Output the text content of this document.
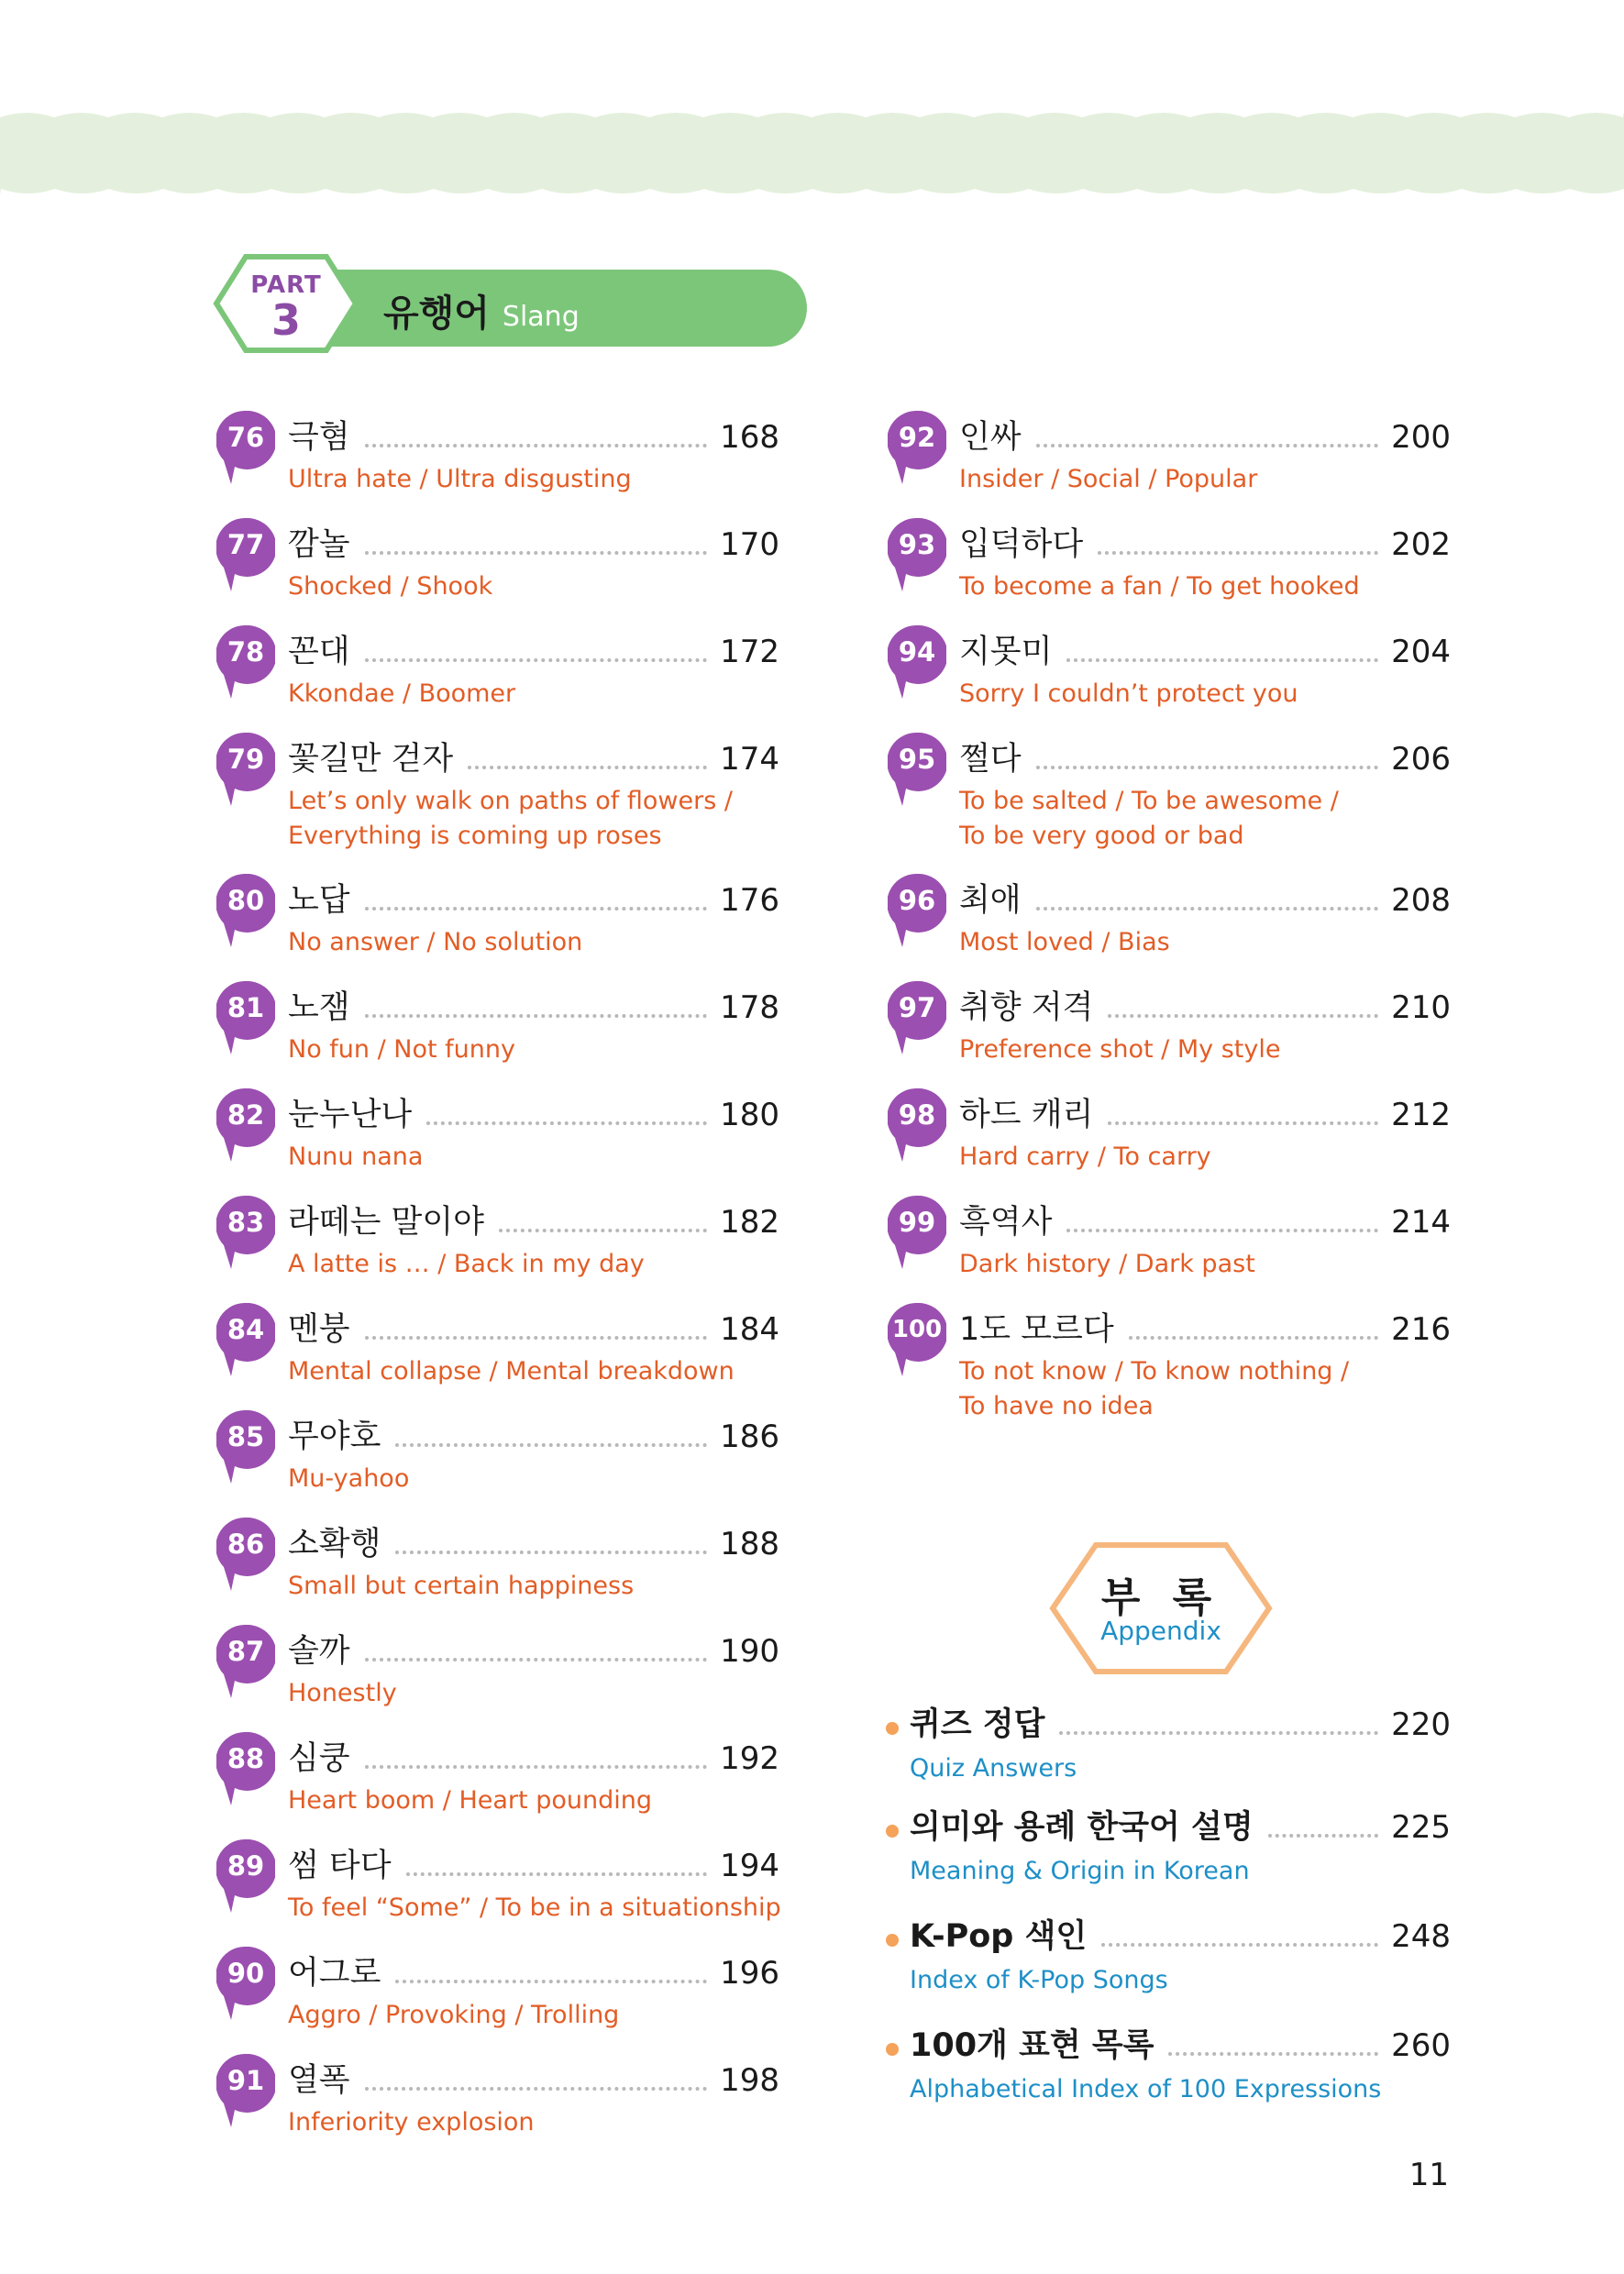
PART
3	유행어 Slang
76 극혐	168
Ultra hate / Ultra disgusting
77 깜놀	170
Shocked / Shook
78 꼰대	172
Kkondae / Boomer
79 꽃길만 걷자	174
Let’s only walk on paths of flowers /
Everything is coming up roses
80 노답	176
No answer / No solution
81 노잼	178
No fun / Not funny
82 눈누난나	180
Nunu nana
83 라떼는 말이야	182
A latte is … / Back in my day
84 멘붕	184
Mental collapse / Mental breakdown
85 무야호	186
Mu-yahoo
86 소확행	188
Small but certain happiness
87 솔까	190
Honestly
88 심쿵	192
Heart boom / Heart pounding
89 썸 타다	194
To feel “Some” / To be in a situationship
90 어그로	196
Aggro / Provoking / Trolling
91 열폭	198
Inferiority explosion
92 인싸	200
Insider / Social / Popular
93 입덕하다	202
To become a fan / To get hooked
94 지못미	204
Sorry I couldn’t protect you
95 쩔다	206
To be salted / To be awesome /
To be very good or bad
96 최애	208
Most loved / Bias
97 취향 저격	210
Preference shot / My style
98 하드 캐리	212
Hard carry / To carry
99 흑역사	214
Dark history / Dark past
100 1도 모르다	216
To not know / To know nothing /
To have no idea
부 록
Appendix
퀴즈 정답	220
Quiz Answers
의미와 용례 한국어 설명	225
Meaning & Origin in Korean
K-Pop 색인	248
Index of K-Pop Songs
100개 표현 목록	260
Alphabetical Index of 100 Expressions
11
